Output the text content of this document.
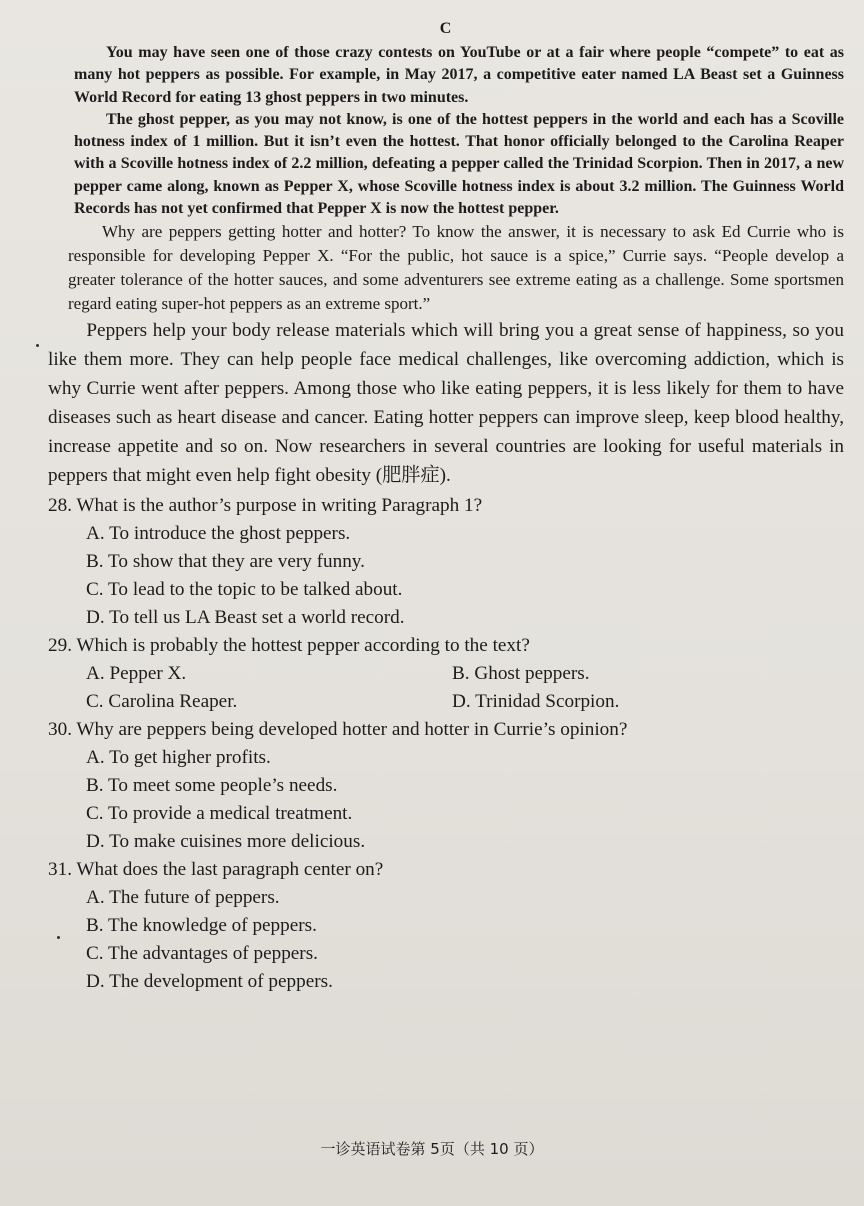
C

You may have seen one of those crazy contests on YouTube or at a fair where people “compete” to eat as many hot peppers as possible. For example, in May 2017, a competitive eater named LA Beast set a Guinness World Record for eating 13 ghost peppers in two minutes.

The ghost pepper, as you may not know, is one of the hottest peppers in the world and each has a Scoville hotness index of 1 million. But it isn’t even the hottest. That honor officially belonged to the Carolina Reaper with a Scoville hotness index of 2.2 million, defeating a pepper called the Trinidad Scorpion. Then in 2017, a new pepper came along, known as Pepper X, whose Scoville hotness index is about 3.2 million. The Guinness World Records has not yet confirmed that Pepper X is now the hottest pepper.

Why are peppers getting hotter and hotter? To know the answer, it is necessary to ask Ed Currie who is responsible for developing Pepper X. “For the public, hot sauce is a spice,” Currie says. “People develop a greater tolerance of the hotter sauces, and some adventurers see extreme eating as a challenge. Some sportsmen regard eating super-hot peppers as an extreme sport.”

Peppers help your body release materials which will bring you a great sense of happiness, so you like them more. They can help people face medical challenges, like overcoming addiction, which is why Currie went after peppers. Among those who like eating peppers, it is less likely for them to have diseases such as heart disease and cancer. Eating hotter peppers can improve sleep, keep blood healthy, increase appetite and so on. Now researchers in several countries are looking for useful materials in peppers that might even help fight obesity (肥胖症).

28. What is the author’s purpose in writing Paragraph 1?
A. To introduce the ghost peppers.
B. To show that they are very funny.
C. To lead to the topic to be talked about.
D. To tell us LA Beast set a world record.
29. Which is probably the hottest pepper according to the text?
A. Pepper X.	B. Ghost peppers.
C. Carolina Reaper.	D. Trinidad Scorpion.
30. Why are peppers being developed hotter and hotter in Currie’s opinion?
A. To get higher profits.
B. To meet some people’s needs.
C. To provide a medical treatment.
D. To make cuisines more delicious.
31. What does the last paragraph center on?
A. The future of peppers.
B. The knowledge of peppers.
C. The advantages of peppers.
D. The development of peppers.
一诊英语试卷第 5页（共 10 页）
